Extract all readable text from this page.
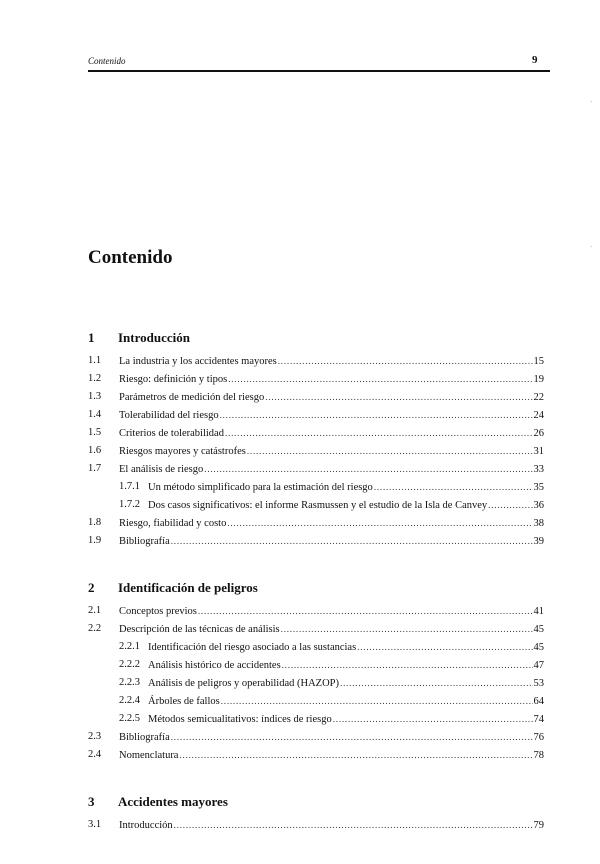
Contenido	9
·
·
Contenido
1 Introducción
1.1 La industria y los accidentes mayores .....	15
1.2 Riesgo: definición y tipos .....	19
1.3 Parámetros de medición del riesgo .....	22
1.4 Tolerabilidad del riesgo .....	24
1.5 Criterios de tolerabilidad .....	26
1.6 Riesgos mayores y catástrofes .....	31
1.7 El análisis de riesgo .....	33
1.7.1 Un método simplificado para la estimación del riesgo .....	35
1.7.2 Dos casos significativos: el informe Rasmussen y el estudio de la Isla de Canvey .....	36
1.8 Riesgo, fiabilidad y costo .....	38
1.9 Bibliografía .....	39
2 Identificación de peligros
2.1 Conceptos previos .....	41
2.2 Descripción de las técnicas de análisis .....	45
2.2.1 Identificación del riesgo asociado a las sustancias .....	45
2.2.2 Análisis histórico de accidentes .....	47
2.2.3 Análisis de peligros y operabilidad (HAZOP) .....	53
2.2.4 Árboles de fallos .....	64
2.2.5 Métodos semicualitativos: índices de riesgo .....	74
2.3 Bibliografía .....	76
2.4 Nomenclatura .....	78
3 Accidentes mayores
3.1 Introducción .....	79
